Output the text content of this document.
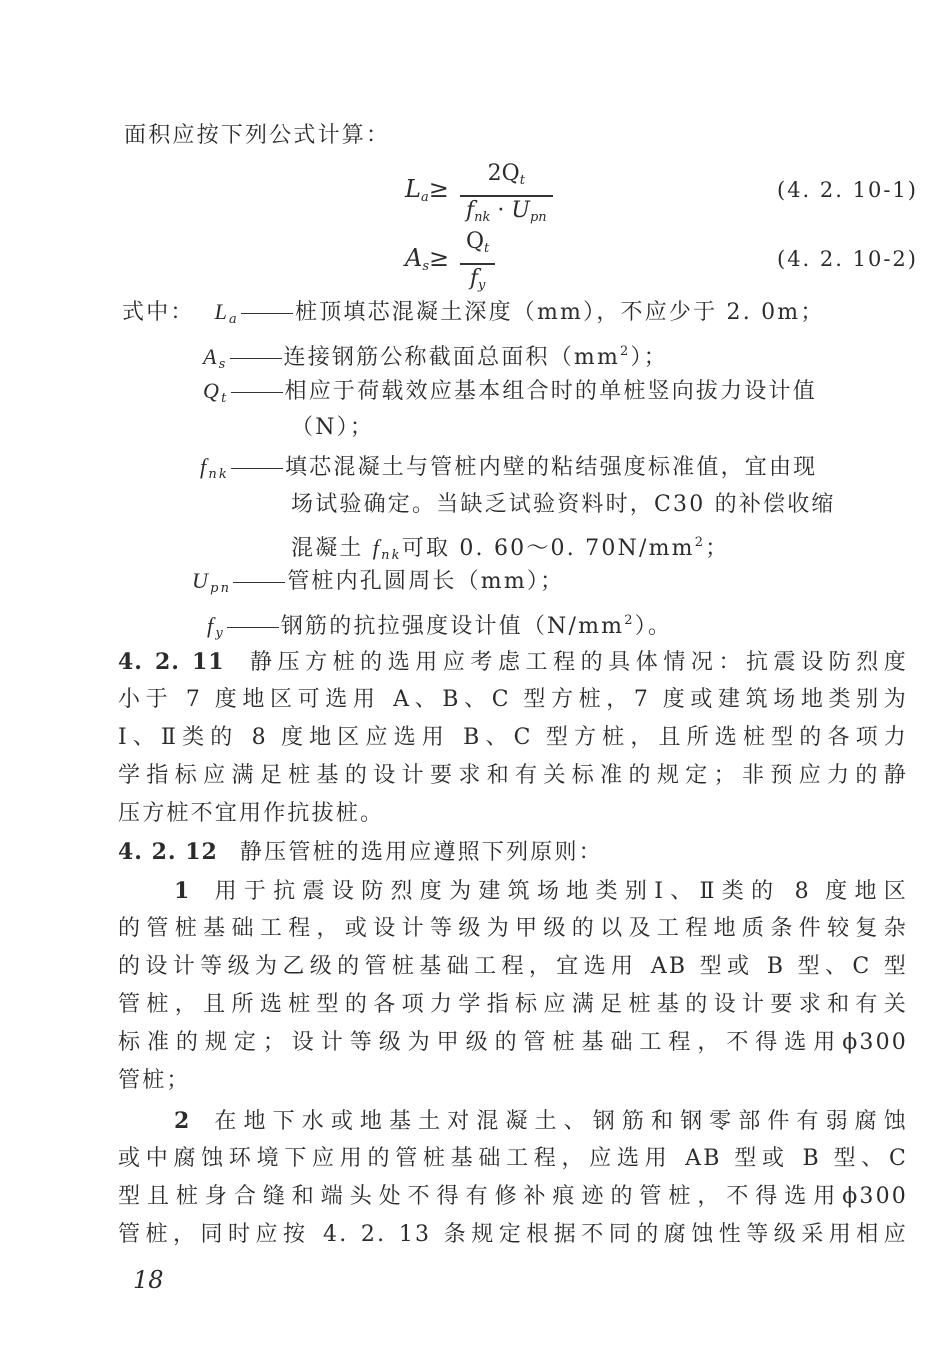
面积应按下列公式计算：
$L_a\ge$
$2Q_t$
$f_{nk} \cdot U_{pn}$
(4. 2. 10-1)
$A_s\ge$
$Q_t$
$f_y$
(4. 2. 10-2)
式中： $L_a$	桩顶填芯混凝土深度（mm），不应少于 2. 0m；
$A_s$	连接钢筋公称截面总面积$(mm^2)$；
$Q_t$	相应于荷载效应基本组合时的单桩竖向拔力设计值
（N）；
$f_{nk}$	填芯混凝土与管桩内壁的粘结强度标准值，宜由现
场试验确定。当缺乏试验资料时，C30 的补偿收缩
混凝土 $f_{nk}$可取 0. 60～0. $70N/mm^2$；
$U_{pn}$	管桩内孔圆周长（mm）；
$f_y$	钢筋的抗拉强度设计值$(N/mm^2)$。
4. 2. 11 静压方桩的选用应考虑工程的具体情况：抗震设防烈度
小于 7 度地区可选用 A、B、C 型方桩，7 度或建筑场地类别为
Ⅰ、Ⅱ类的 8 度地区应选用 B、C 型方桩，且所选桩型的各项力
学指标应满足桩基的设计要求和有关标准的规定；非预应力的静
压方桩不宜用作抗拔桩。
4. 2. 12 静压管桩的选用应遵照下列原则：
1 用于抗震设防烈度为建筑场地类别Ⅰ、Ⅱ类的 8 度地区
的管桩基础工程，或设计等级为甲级的以及工程地质条件较复杂
的设计等级为乙级的管桩基础工程，宜选用 AB 型或 B 型、C 型
管桩，且所选桩型的各项力学指标应满足桩基的设计要求和有关
标准的规定；设计等级为甲级的管桩基础工程，不得选用ϕ300
管桩；
2 在地下水或地基土对混凝土、钢筋和钢零部件有弱腐蚀
或中腐蚀环境下应用的管桩基础工程，应选用 AB 型或 B 型、C
型且桩身合缝和端头处不得有修补痕迹的管桩，不得选用ϕ300
管桩，同时应按 4. 2. 13 条规定根据不同的腐蚀性等级采用相应
18
